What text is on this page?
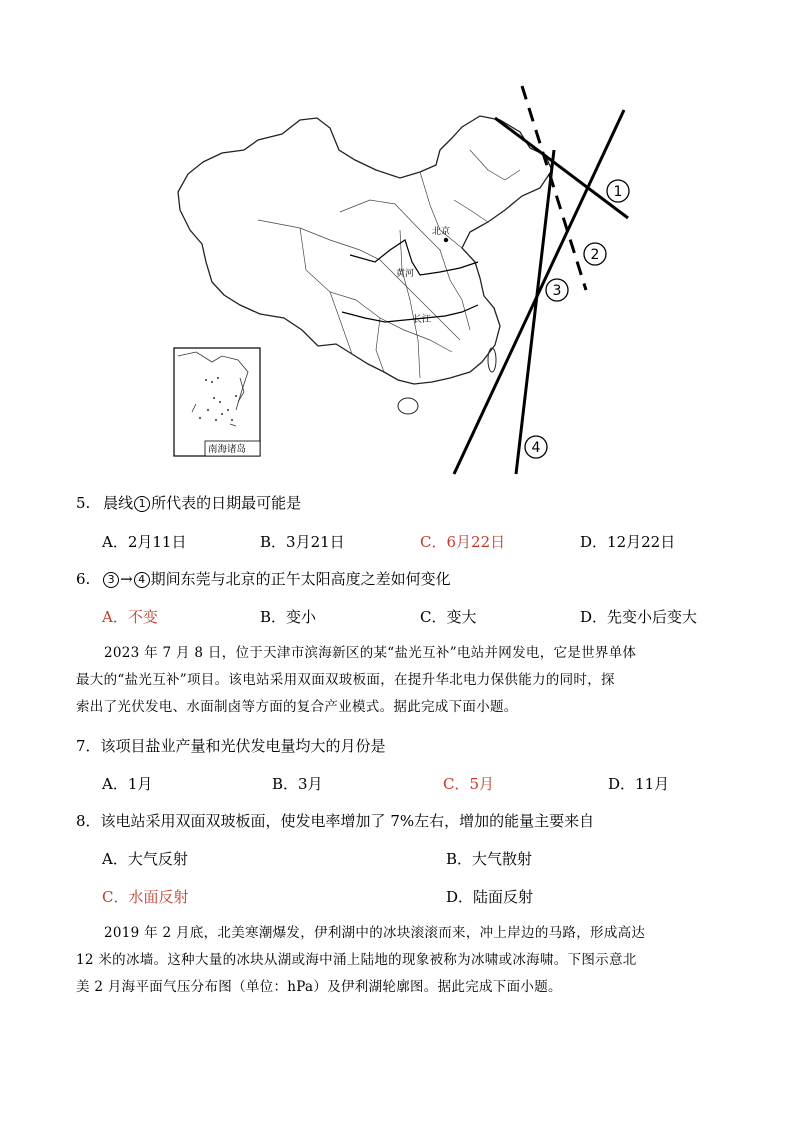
北京
黄河
长江
南海诸岛
1
2
3
4
5. 晨线 1 所代表的日期最可能是
A．2月11日	B．3月21日	C．6月22日	D．12月22日
6. 3 → 4 期间东莞与北京的正午太阳高度之差如何变化
A．不变	B．变小	C．变大	D．先变小后变大
2023 年 7 月 8 日，位于天津市滨海新区的某“盐光互补”电站并网发电，它是世界单体
最大的“盐光互补”项目。该电站采用双面双玻板面，在提升华北电力保供能力的同时，探
索出了光伏发电、水面制卤等方面的复合产业模式。据此完成下面小题。
7．该项目盐业产量和光伏发电量均大的月份是
A．1月	B．3月	C．5月	D．11月
8．该电站采用双面双玻板面，使发电率增加了 7%左右，增加的能量主要来自
A．大气反射	B．大气散射
C．水面反射	D．陆面反射
2019 年 2 月底，北美寒潮爆发，伊利湖中的冰块滚滚而来，冲上岸边的马路，形成高达
12 米的冰墙。这种大量的冰块从湖或海中涌上陆地的现象被称为冰啸或冰海啸。下图示意北
美 2 月海平面气压分布图（单位：hPa）及伊利湖轮廓图。据此完成下面小题。
